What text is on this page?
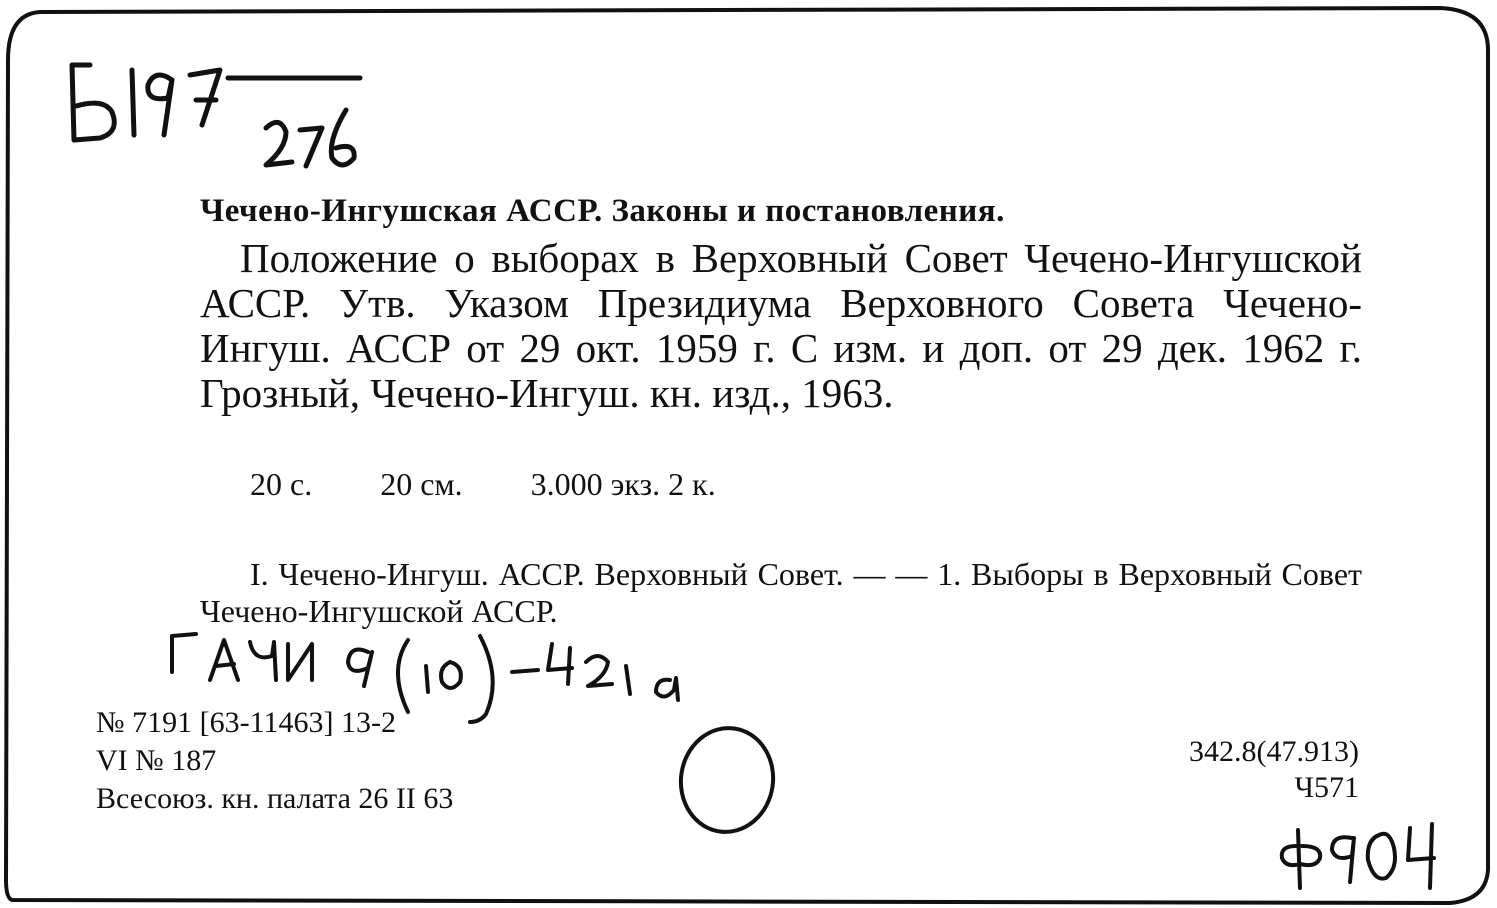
Чечено-Ингушская АССР. Законы и постановления.
Положение о выборах в Верховный Совет Чечено-Ингушской АССР. Утв. Указом Президиума Верховного Совета Чечено-Ингуш. АССР от 29 окт. 1959 г. С изм. и доп. от 29 дек. 1962 г. Грозный, Чечено-Ингуш. кн. изд., 1963.
20 с. 20 см. 3.000 экз. 2 к.
I. Чечено-Ингуш. АССР. Верховный Совет. — — 1. Выборы в Верховный Совет Чечено-Ингушской АССР.
№ 7191 [63-11463] 13-2
VI № 187
Всесоюз. кн. палата 26 II 63
342.8(47.913)
Ч571
